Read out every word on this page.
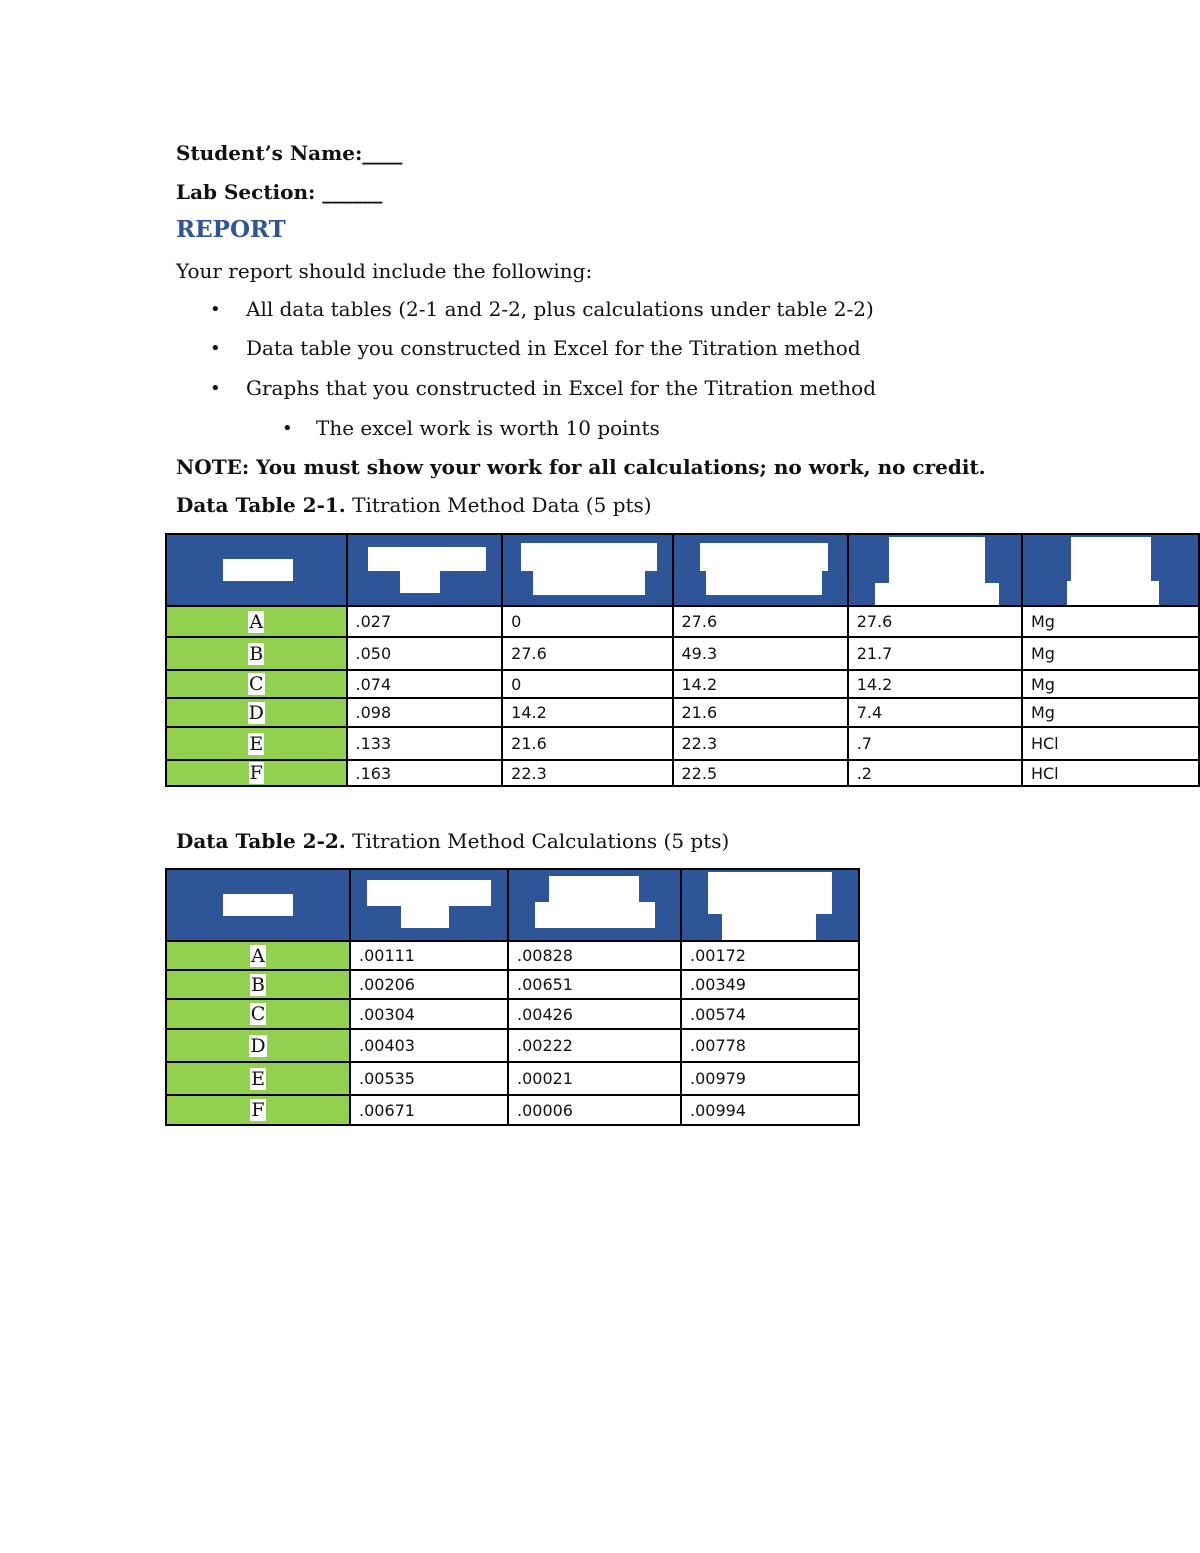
Student’s Name:____
Lab Section: ______
REPORT
Your report should include the following:
• All data tables (2-1 and 2-2, plus calculations under table 2-2)
• Data table you constructed in Excel for the Titration method
• Graphs that you constructed in Excel for the Titration method
• The excel work is worth 10 points
NOTE: You must show your work for all calculations; no work, no credit.
Data Table 2-1. Titration Method Data (5 pts)

A	.027	0	27.6	27.6	Mg
B	.050	27.6	49.3	21.7	Mg
C	.074	0	14.2	14.2	Mg
D	.098	14.2	21.6	7.4	Mg
E	.133	21.6	22.3	.7	HCl
F	.163	22.3	22.5	.2	HCl
Data Table 2-2. Titration Method Calculations (5 pts)

A	.00111	.00828	.00172
B	.00206	.00651	.00349
C	.00304	.00426	.00574
D	.00403	.00222	.00778
E	.00535	.00021	.00979
F	.00671	.00006	.00994
